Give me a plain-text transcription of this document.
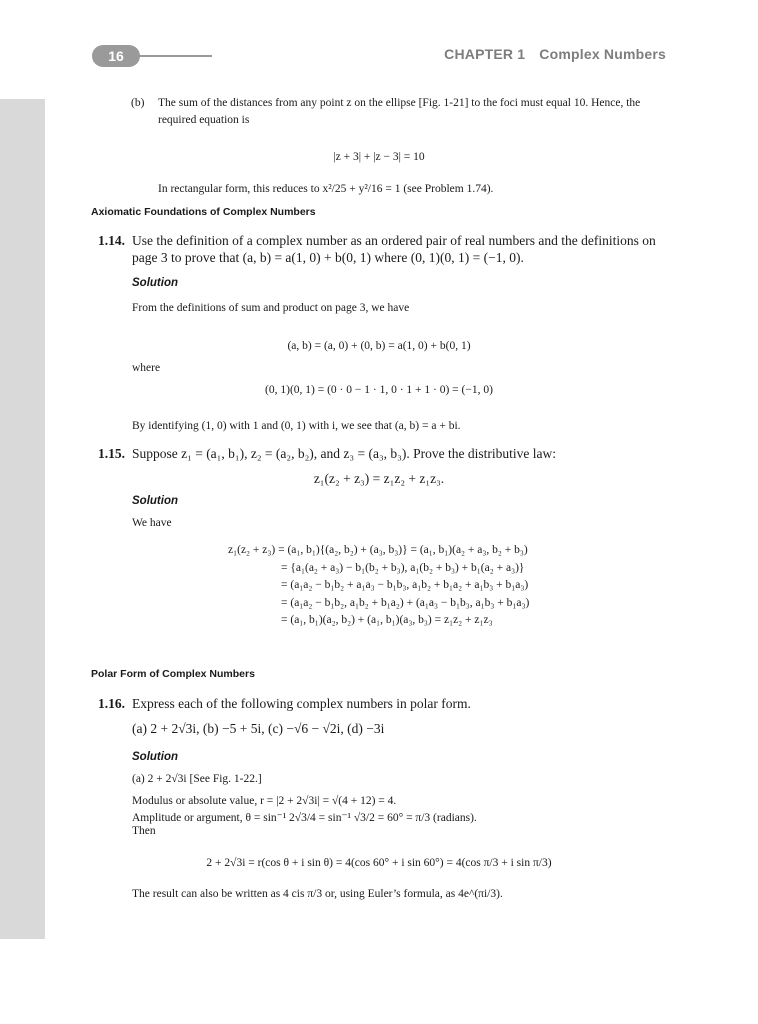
16	CHAPTER 1 Complex Numbers
(b) The sum of the distances from any point z on the ellipse [Fig. 1-21] to the foci must equal 10. Hence, the
required equation is
|z + 3| + |z − 3| = 10
In rectangular form, this reduces to x²/25 + y²/16 = 1 (see Problem 1.74).
Axiomatic Foundations of Complex Numbers
1.14. Use the definition of a complex number as an ordered pair of real numbers and the definitions on
page 3 to prove that (a, b) = a(1, 0) + b(0, 1) where (0, 1)(0, 1) = (−1, 0).
Solution
From the definitions of sum and product on page 3, we have
(a, b) = (a, 0) + (0, b) = a(1, 0) + b(0, 1)
where
(0, 1)(0, 1) = (0 · 0 − 1 · 1, 0 · 1 + 1 · 0) = (−1, 0)
By identifying (1, 0) with 1 and (0, 1) with i, we see that (a, b) = a + bi.
1.15. Suppose z₁ = (a₁, b₁), z₂ = (a₂, b₂), and z₃ = (a₃, b₃). Prove the distributive law:
z₁(z₂ + z₃) = z₁z₂ + z₁z₃.
Solution
We have
z₁(z₂ + z₃) = (a₁, b₁){(a₂, b₂) + (a₃, b₃)} = (a₁, b₁)(a₂ + a₃, b₂ + b₃)
= {a₁(a₂ + a₃) − b₁(b₂ + b₃), a₁(b₂ + b₃) + b₁(a₂ + a₃)}
= (a₁a₂ − b₁b₂ + a₁a₃ − b₁b₃, a₁b₂ + b₁a₂ + a₁b₃ + b₁a₃)
= (a₁a₂ − b₁b₂, a₁b₂ + b₁a₂) + (a₁a₃ − b₁b₃, a₁b₃ + b₁a₃)
= (a₁, b₁)(a₂, b₂) + (a₁, b₁)(a₃, b₃) = z₁z₂ + z₁z₃
Polar Form of Complex Numbers
1.16. Express each of the following complex numbers in polar form.
(a) 2 + 2√3i, (b) −5 + 5i, (c) −√6 − √2i, (d) −3i
Solution
(a) 2 + 2√3i [See Fig. 1-22.]
Modulus or absolute value, r = |2 + 2√3i| = √(4 + 12) = 4.
Amplitude or argument, θ = sin⁻¹ 2√3/4 = sin⁻¹ √3/2 = 60° = π/3 (radians).
Then
2 + 2√3i = r(cos θ + i sin θ) = 4(cos 60° + i sin 60°) = 4(cos π/3 + i sin π/3)
The result can also be written as 4 cis π/3 or, using Euler’s formula, as 4e^(πi/3).
